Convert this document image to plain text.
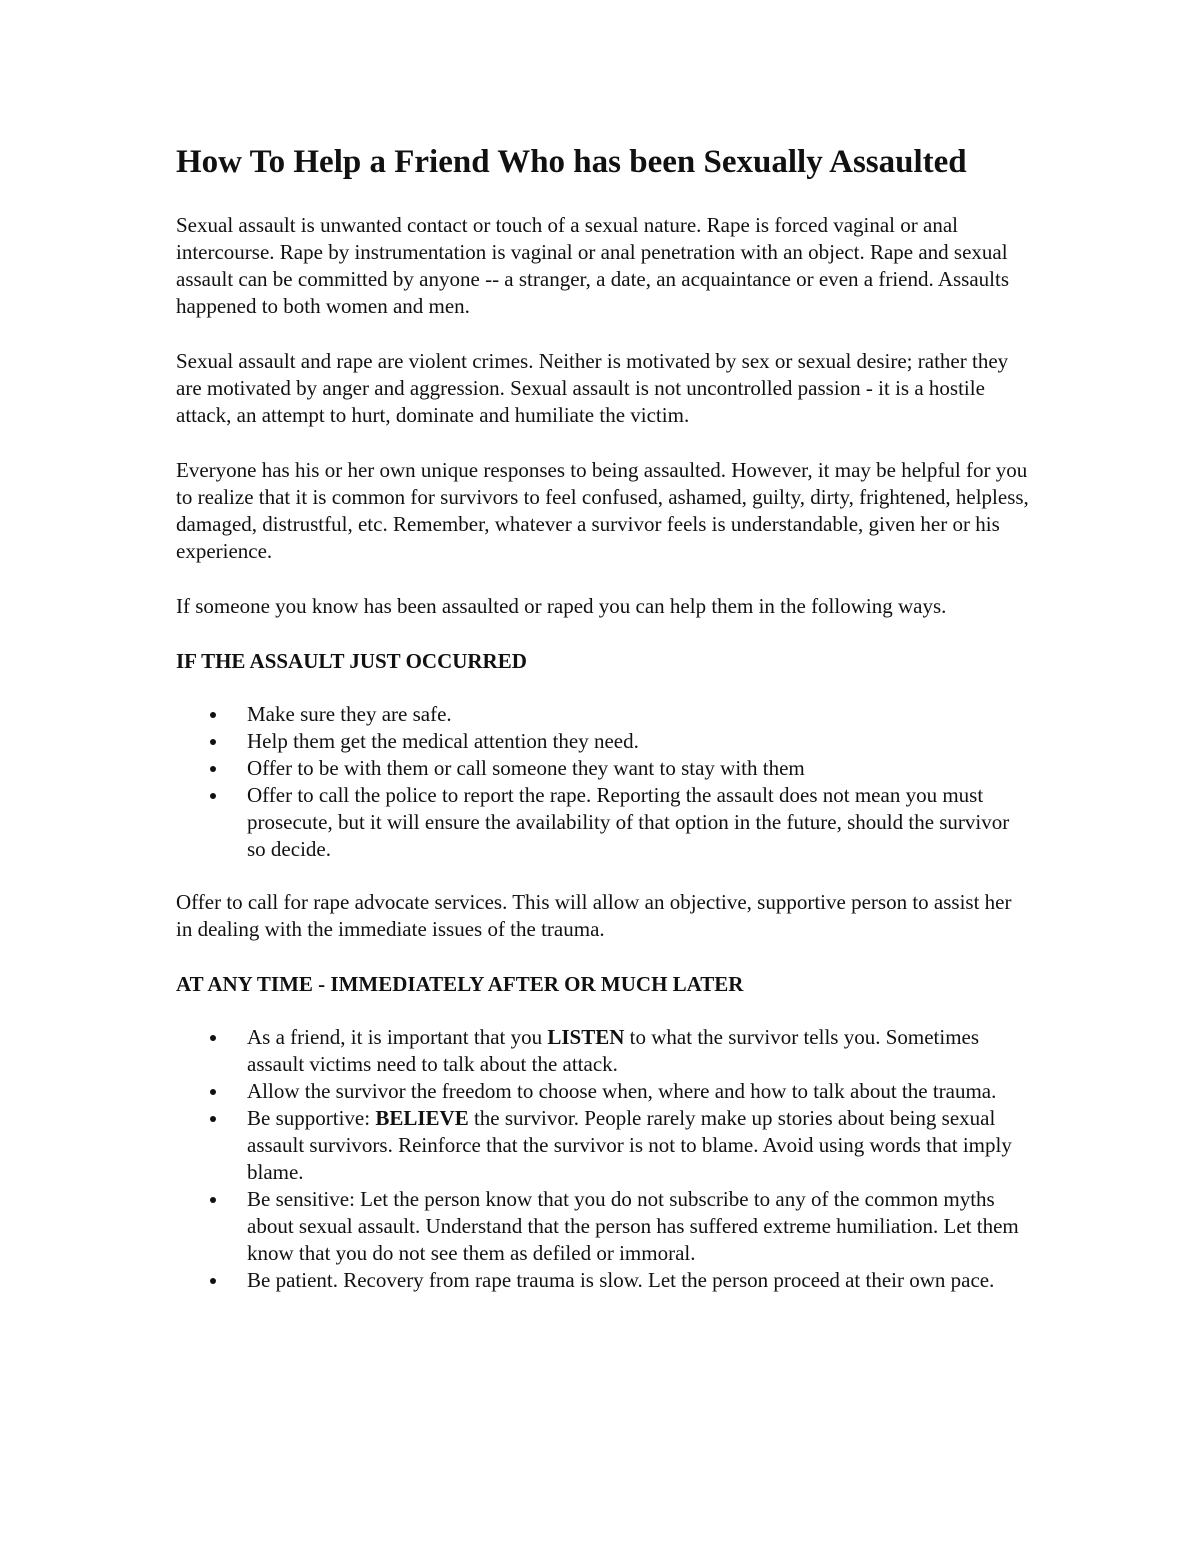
How To Help a Friend Who has been Sexually Assaulted

Sexual assault is unwanted contact or touch of a sexual nature. Rape is forced vaginal or anal intercourse. Rape by instrumentation is vaginal or anal penetration with an object. Rape and sexual assault can be committed by anyone -- a stranger, a date, an acquaintance or even a friend. Assaults happened to both women and men.

Sexual assault and rape are violent crimes. Neither is motivated by sex or sexual desire; rather they are motivated by anger and aggression. Sexual assault is not uncontrolled passion - it is a hostile attack, an attempt to hurt, dominate and humiliate the victim.

Everyone has his or her own unique responses to being assaulted. However, it may be helpful for you to realize that it is common for survivors to feel confused, ashamed, guilty, dirty, frightened, helpless, damaged, distrustful, etc. Remember, whatever a survivor feels is understandable, given her or his experience.

If someone you know has been assaulted or raped you can help them in the following ways.

IF THE ASSAULT JUST OCCURRED
Make sure they are safe.
Help them get the medical attention they need.
Offer to be with them or call someone they want to stay with them
Offer to call the police to report the rape. Reporting the assault does not mean you must prosecute, but it will ensure the availability of that option in the future, should the survivor so decide.

Offer to call for rape advocate services. This will allow an objective, supportive person to assist her in dealing with the immediate issues of the trauma.

AT ANY TIME - IMMEDIATELY AFTER OR MUCH LATER
As a friend, it is important that you LISTEN to what the survivor tells you. Sometimes assault victims need to talk about the attack.
Allow the survivor the freedom to choose when, where and how to talk about the trauma.
Be supportive: BELIEVE the survivor. People rarely make up stories about being sexual assault survivors. Reinforce that the survivor is not to blame. Avoid using words that imply blame.
Be sensitive: Let the person know that you do not subscribe to any of the common myths about sexual assault. Understand that the person has suffered extreme humiliation. Let them know that you do not see them as defiled or immoral.
Be patient. Recovery from rape trauma is slow. Let the person proceed at their own pace.
